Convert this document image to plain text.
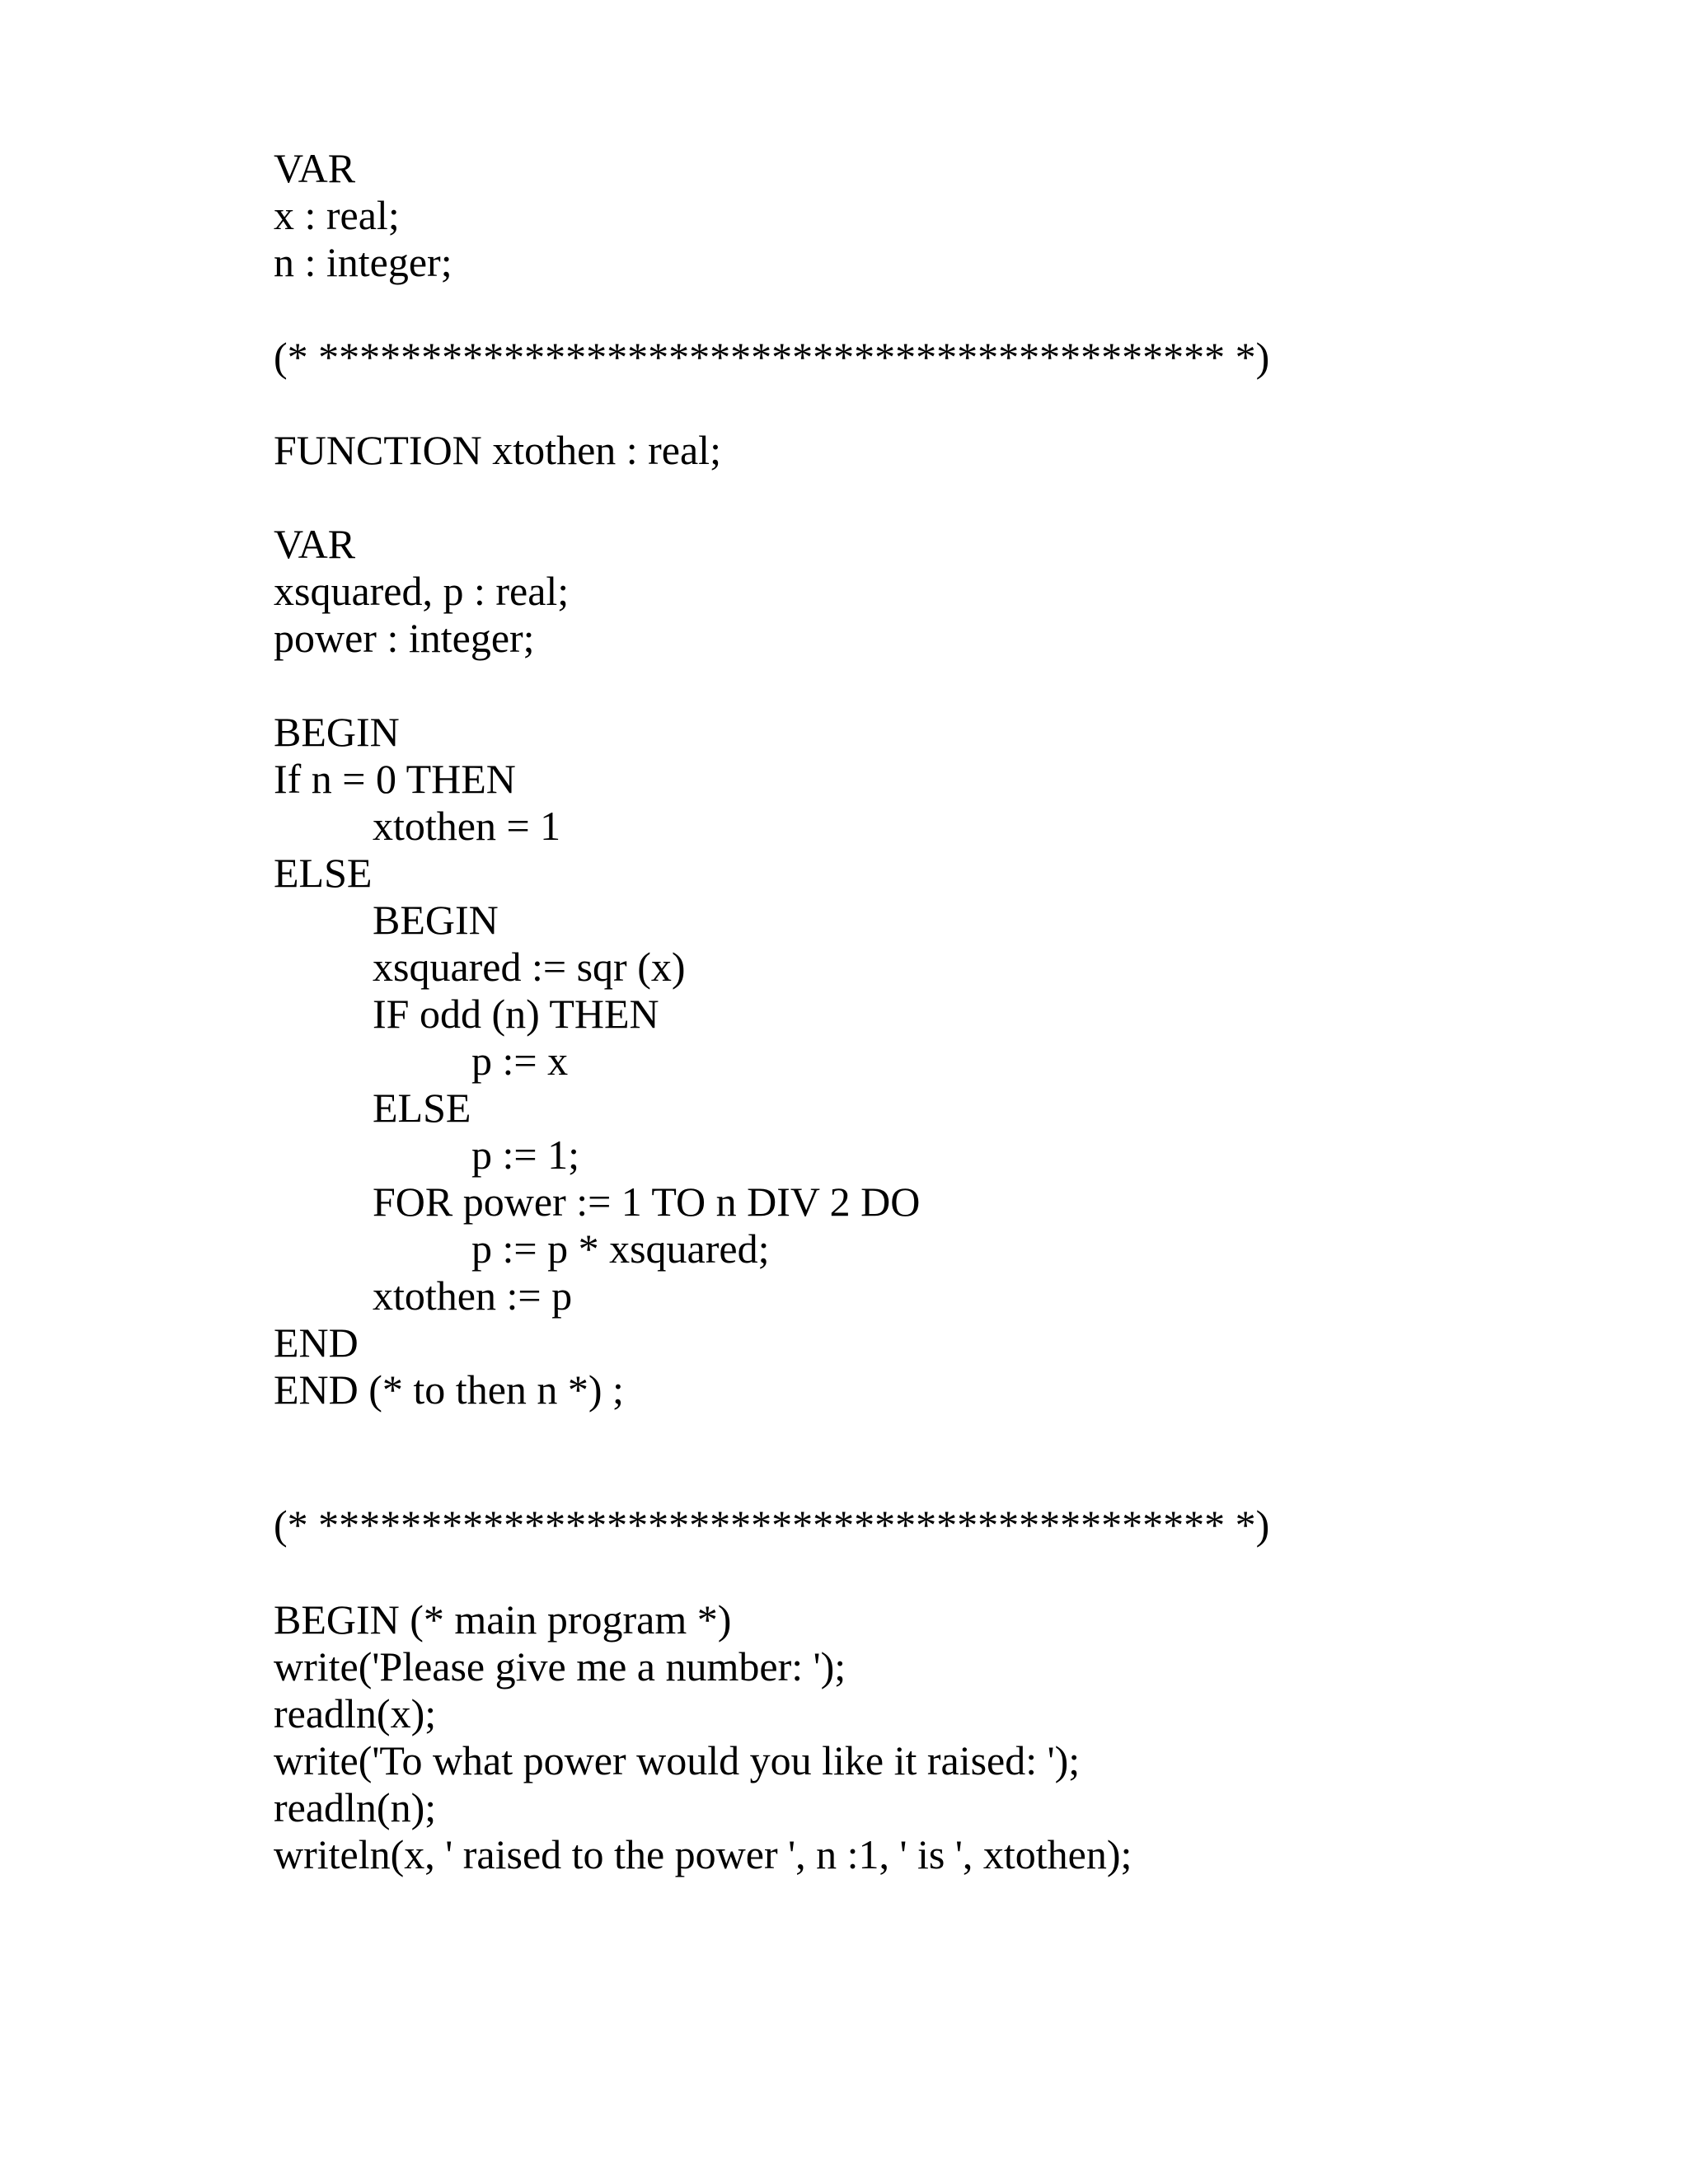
VAR
x : real;
n : integer;
(* ******************************************** *)
FUNCTION xtothen : real;
VAR
xsquared, p : real;
power : integer;
BEGIN
If n = 0 THEN
xtothen = 1
ELSE
BEGIN
xsquared := sqr (x)
IF odd (n) THEN
p := x
ELSE
p := 1;
FOR power := 1 TO n DIV 2 DO
p := p * xsquared;
xtothen := p
END
END (* to then n *) ;
(* ******************************************** *)
BEGIN (* main program *)
write('Please give me a number: ');
readln(x);
write('To what power would you like it raised: ');
readln(n);
writeln(x, ' raised to the power ', n :1, ' is ', xtothen);
